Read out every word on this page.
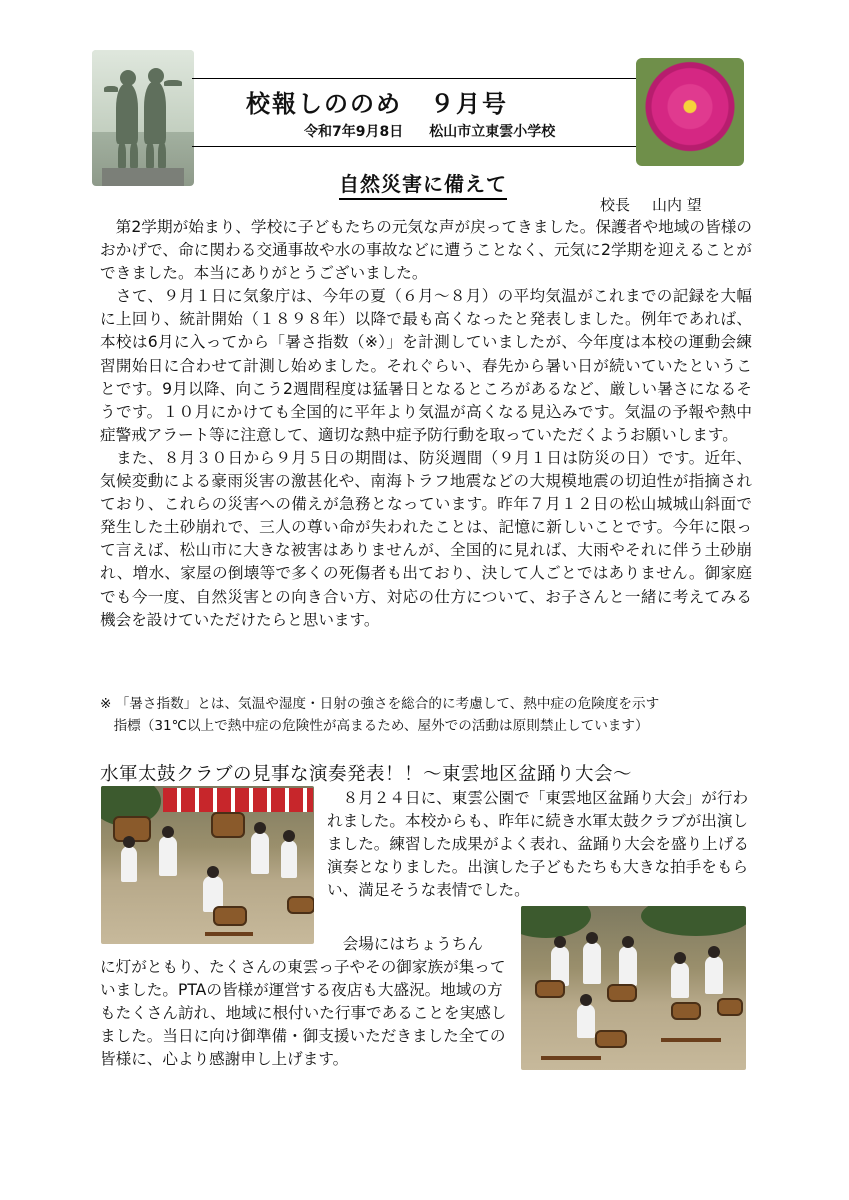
校報しののめ ９月号
令和7年9月8日 松山市立東雲小学校
自然災害に備えて
校長 山内 望

　第2学期が始まり、学校に子どもたちの元気な声が戻ってきました。保護者や地域の皆様のおかげで、命に関わる交通事故や水の事故などに遭うことなく、元気に2学期を迎えることができました。本当にありがとうございました。

　さて、９月１日に気象庁は、今年の夏（６月～８月）の平均気温がこれまでの記録を大幅に上回り、統計開始（１８９８年）以降で最も高くなったと発表しました。例年であれば、本校は6月に入ってから「暑さ指数（※）」を計測していましたが、今年度は本校の運動会練習開始日に合わせて計測し始めました。それぐらい、春先から暑い日が続いていたということです。9月以降、向こう2週間程度は猛暑日となるところがあるなど、厳しい暑さになるそうです。１０月にかけても全国的に平年より気温が高くなる見込みです。気温の予報や熱中症警戒アラート等に注意して、適切な熱中症予防行動を取っていただくようお願いします。

　また、８月３０日から９月５日の期間は、防災週間（９月１日は防災の日）です。近年、気候変動による豪雨災害の激甚化や、南海トラフ地震などの大規模地震の切迫性が指摘されており、これらの災害への備えが急務となっています。昨年７月１２日の松山城城山斜面で発生した土砂崩れで、三人の尊い命が失われたことは、記憶に新しいことです。今年に限って言えば、松山市に大きな被害はありませんが、全国的に見れば、大雨やそれに伴う土砂崩れ、増水、家屋の倒壊等で多くの死傷者も出ており、決して人ごとではありません。御家庭でも今一度、自然災害との向き合い方、対応の仕方について、お子さんと一緒に考えてみる機会を設けていただけたらと思います。

※ 「暑さ指数」とは、気温や湿度・日射の強さを総合的に考慮して、熱中症の危険度を示す

　指標（31℃以上で熱中症の危険性が高まるため、屋外での活動は原則禁止しています）

水軍太鼓クラブの見事な演奏発表！！～東雲地区盆踊り大会～

　８月２４日に、東雲公園で「東雲地区盆踊り大会」が行われました。本校からも、昨年に続き水軍太鼓クラブが出演しました。練習した成果がよく表れ、盆踊り大会を盛り上げる演奏となりました。出演した子どもたちも大きな拍手をもらい、満足そうな表情でした。

　会場にはちょうちん
に灯がともり、たくさんの東雲っ子やその御家族が集っていました。PTAの皆様が運営する夜店も大盛況。地域の方もたくさん訪れ、地域に根付いた行事であることを実感しました。当日に向け御準備・御支援いただきました全ての皆様に、心より感謝申し上げます。
